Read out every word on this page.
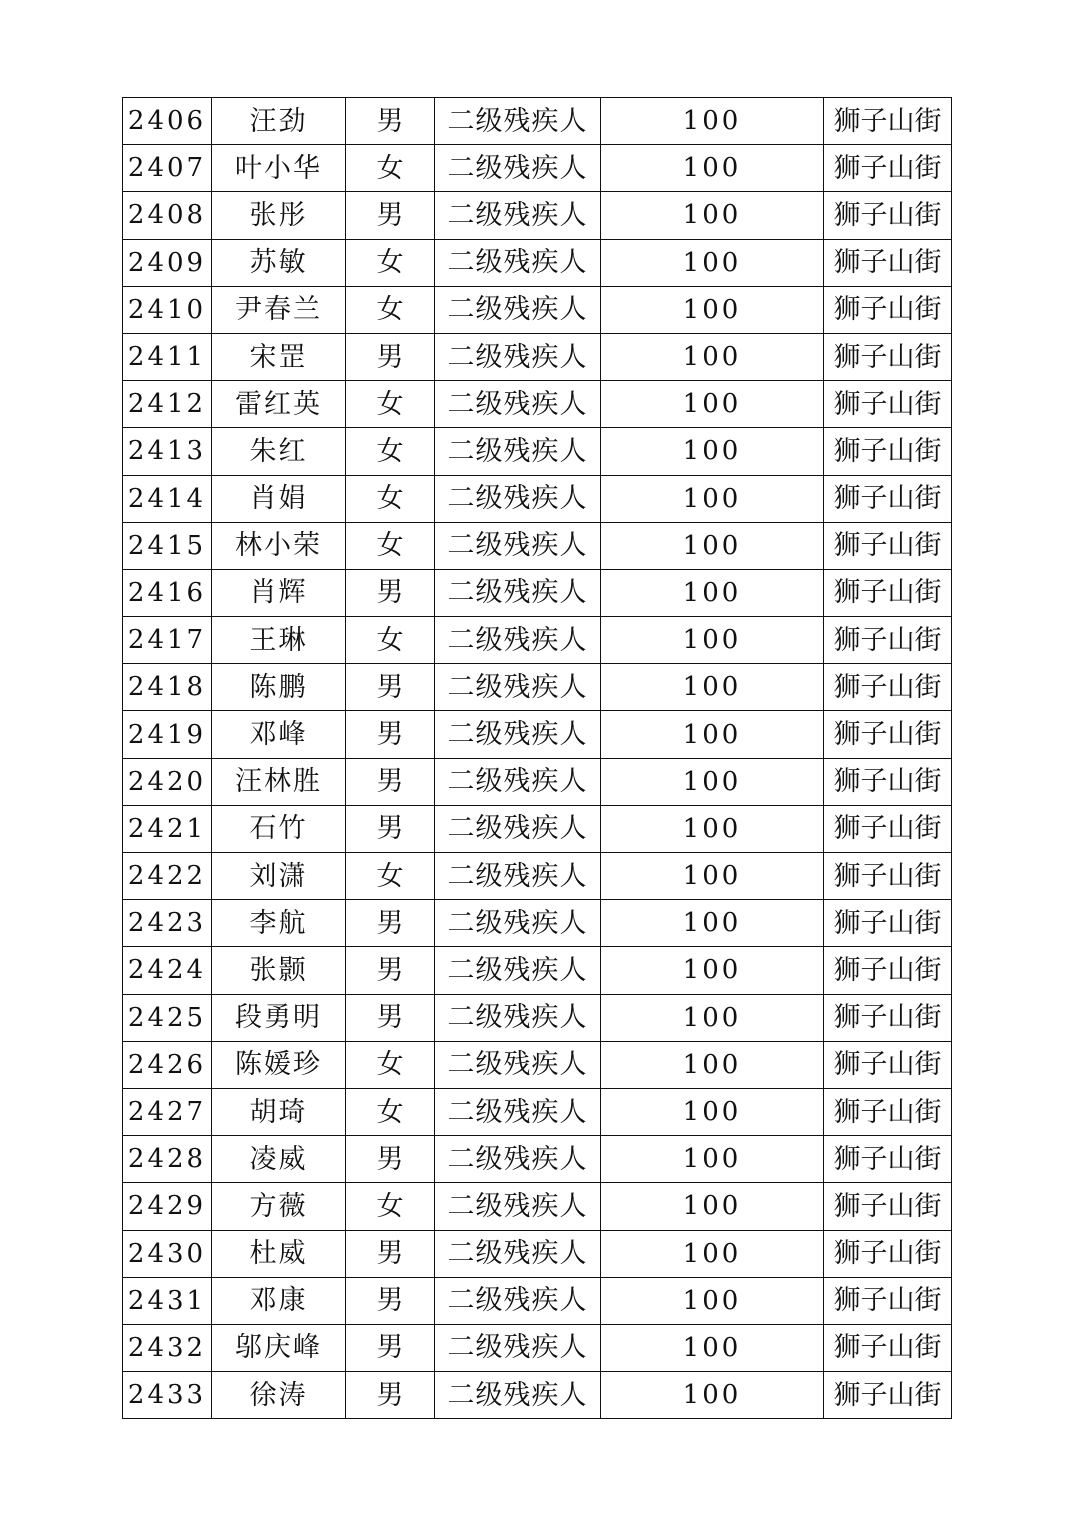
2406	汪劲	男	二级残疾人	100	狮子山街
2407	叶小华	女	二级残疾人	100	狮子山街
2408	张彤	男	二级残疾人	100	狮子山街
2409	苏敏	女	二级残疾人	100	狮子山街
2410	尹春兰	女	二级残疾人	100	狮子山街
2411	宋罡	男	二级残疾人	100	狮子山街
2412	雷红英	女	二级残疾人	100	狮子山街
2413	朱红	女	二级残疾人	100	狮子山街
2414	肖娟	女	二级残疾人	100	狮子山街
2415	林小荣	女	二级残疾人	100	狮子山街
2416	肖辉	男	二级残疾人	100	狮子山街
2417	王琳	女	二级残疾人	100	狮子山街
2418	陈鹏	男	二级残疾人	100	狮子山街
2419	邓峰	男	二级残疾人	100	狮子山街
2420	汪林胜	男	二级残疾人	100	狮子山街
2421	石竹	男	二级残疾人	100	狮子山街
2422	刘潇	女	二级残疾人	100	狮子山街
2423	李航	男	二级残疾人	100	狮子山街
2424	张颢	男	二级残疾人	100	狮子山街
2425	段勇明	男	二级残疾人	100	狮子山街
2426	陈媛珍	女	二级残疾人	100	狮子山街
2427	胡琦	女	二级残疾人	100	狮子山街
2428	凌威	男	二级残疾人	100	狮子山街
2429	方薇	女	二级残疾人	100	狮子山街
2430	杜威	男	二级残疾人	100	狮子山街
2431	邓康	男	二级残疾人	100	狮子山街
2432	邬庆峰	男	二级残疾人	100	狮子山街
2433	徐涛	男	二级残疾人	100	狮子山街
